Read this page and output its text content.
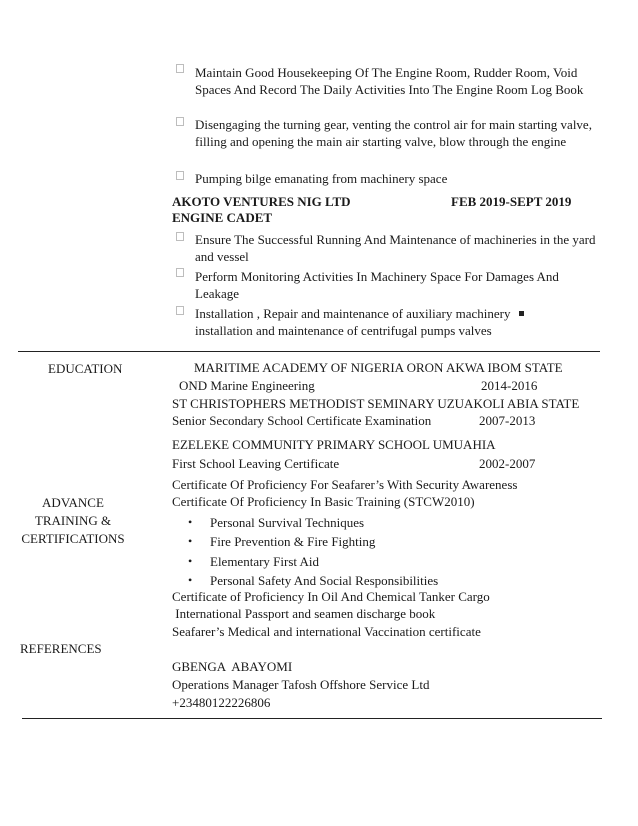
Maintain Good Housekeeping Of The Engine Room, Rudder Room, Void Spaces And Record The Daily Activities Into The Engine Room Log Book
Disengaging the turning gear, venting the control air for main starting valve, filling and opening the main air starting valve, blow through the engine
Pumping bilge emanating from machinery space
AKOTO VENTURES NIG LTD	FEB 2019-SEPT 2019
ENGINE CADET
Ensure The Successful Running And Maintenance of machineries in the yard and vessel
Perform Monitoring Activities In Machinery Space For Damages And Leakage
Installation , Repair and maintenance of auxiliary machinery
installation and maintenance of centrifugal pumps valves
EDUCATION	MARITIME ACADEMY OF NIGERIA ORON AKWA IBOM STATE
OND Marine Engineering	2014-2016
ST CHRISTOPHERS METHODIST SEMINARY UZUAKOLI ABIA STATE
Senior Secondary School Certificate Examination	2007-2013
EZELEKE COMMUNITY PRIMARY SCHOOL UMUAHIA
First School Leaving Certificate	2002-2007
ADVANCE
TRAINING &
CERTIFICATIONS
Certificate Of Proficiency For Seafarer’s With Security Awareness
Certificate Of Proficiency In Basic Training (STCW2010)
• Personal Survival Techniques
• Fire Prevention & Fire Fighting
• Elementary First Aid
• Personal Safety And Social Responsibilities
Certificate of Proficiency In Oil And Chemical Tanker Cargo
International Passport and seamen discharge book
Seafarer’s Medical and international Vaccination certificate
REFERENCES
GBENGA  ABAYOMI
Operations Manager Tafosh Offshore Service Ltd
+23480122226806
